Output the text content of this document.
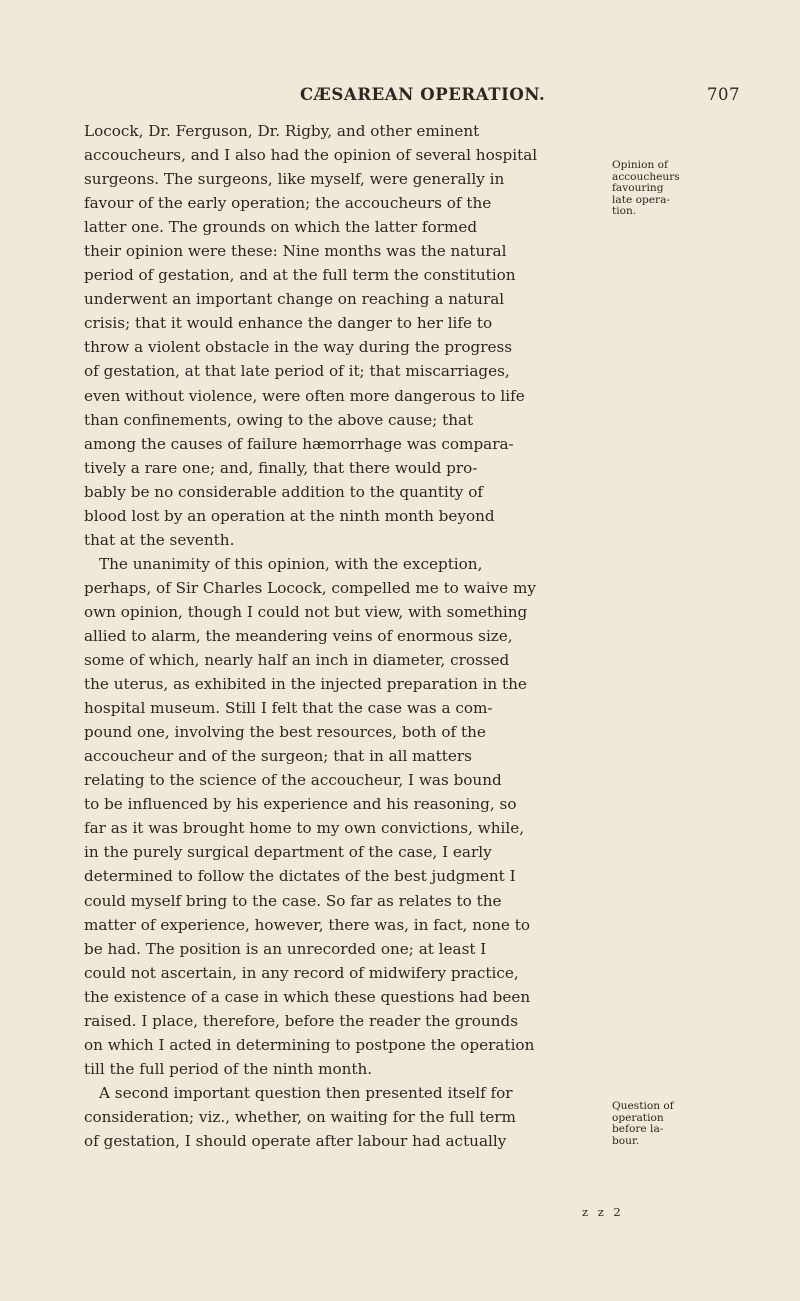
CÆSAREAN OPERATION.	707
Locock, Dr. Ferguson, Dr. Rigby, and other eminent
accoucheurs, and I also had the opinion of several hospital
surgeons. The surgeons, like myself, were generally in
favour of the early operation; the accoucheurs of the
latter one. The grounds on which the latter formed
their opinion were these: Nine months was the natural
period of gestation, and at the full term the constitution
underwent an important change on reaching a natural
crisis; that it would enhance the danger to her life to
throw a violent obstacle in the way during the progress
of gestation, at that late period of it; that miscarriages,
even without violence, were often more dangerous to life
than confinements, owing to the above cause; that
among the causes of failure hæmorrhage was compara-
tively a rare one; and, finally, that there would pro-
bably be no considerable addition to the quantity of
blood lost by an operation at the ninth month beyond
that at the seventh.
The unanimity of this opinion, with the exception,
perhaps, of Sir Charles Locock, compelled me to waive my
own opinion, though I could not but view, with something
allied to alarm, the meandering veins of enormous size,
some of which, nearly half an inch in diameter, crossed
the uterus, as exhibited in the injected preparation in the
hospital museum. Still I felt that the case was a com-
pound one, involving the best resources, both of the
accoucheur and of the surgeon; that in all matters
relating to the science of the accoucheur, I was bound
to be influenced by his experience and his reasoning, so
far as it was brought home to my own convictions, while,
in the purely surgical department of the case, I early
determined to follow the dictates of the best judgment I
could myself bring to the case. So far as relates to the
matter of experience, however, there was, in fact, none to
be had. The position is an unrecorded one; at least I
could not ascertain, in any record of midwifery practice,
the existence of a case in which these questions had been
raised. I place, therefore, before the reader the grounds
on which I acted in determining to postpone the operation
till the full period of the ninth month.
A second important question then presented itself for
consideration; viz., whether, on waiting for the full term
of gestation, I should operate after labour had actually
Opinion of
accoucheurs
favouring
late opera-
tion.
Question of
operation
before la-
bour.
z z 2
